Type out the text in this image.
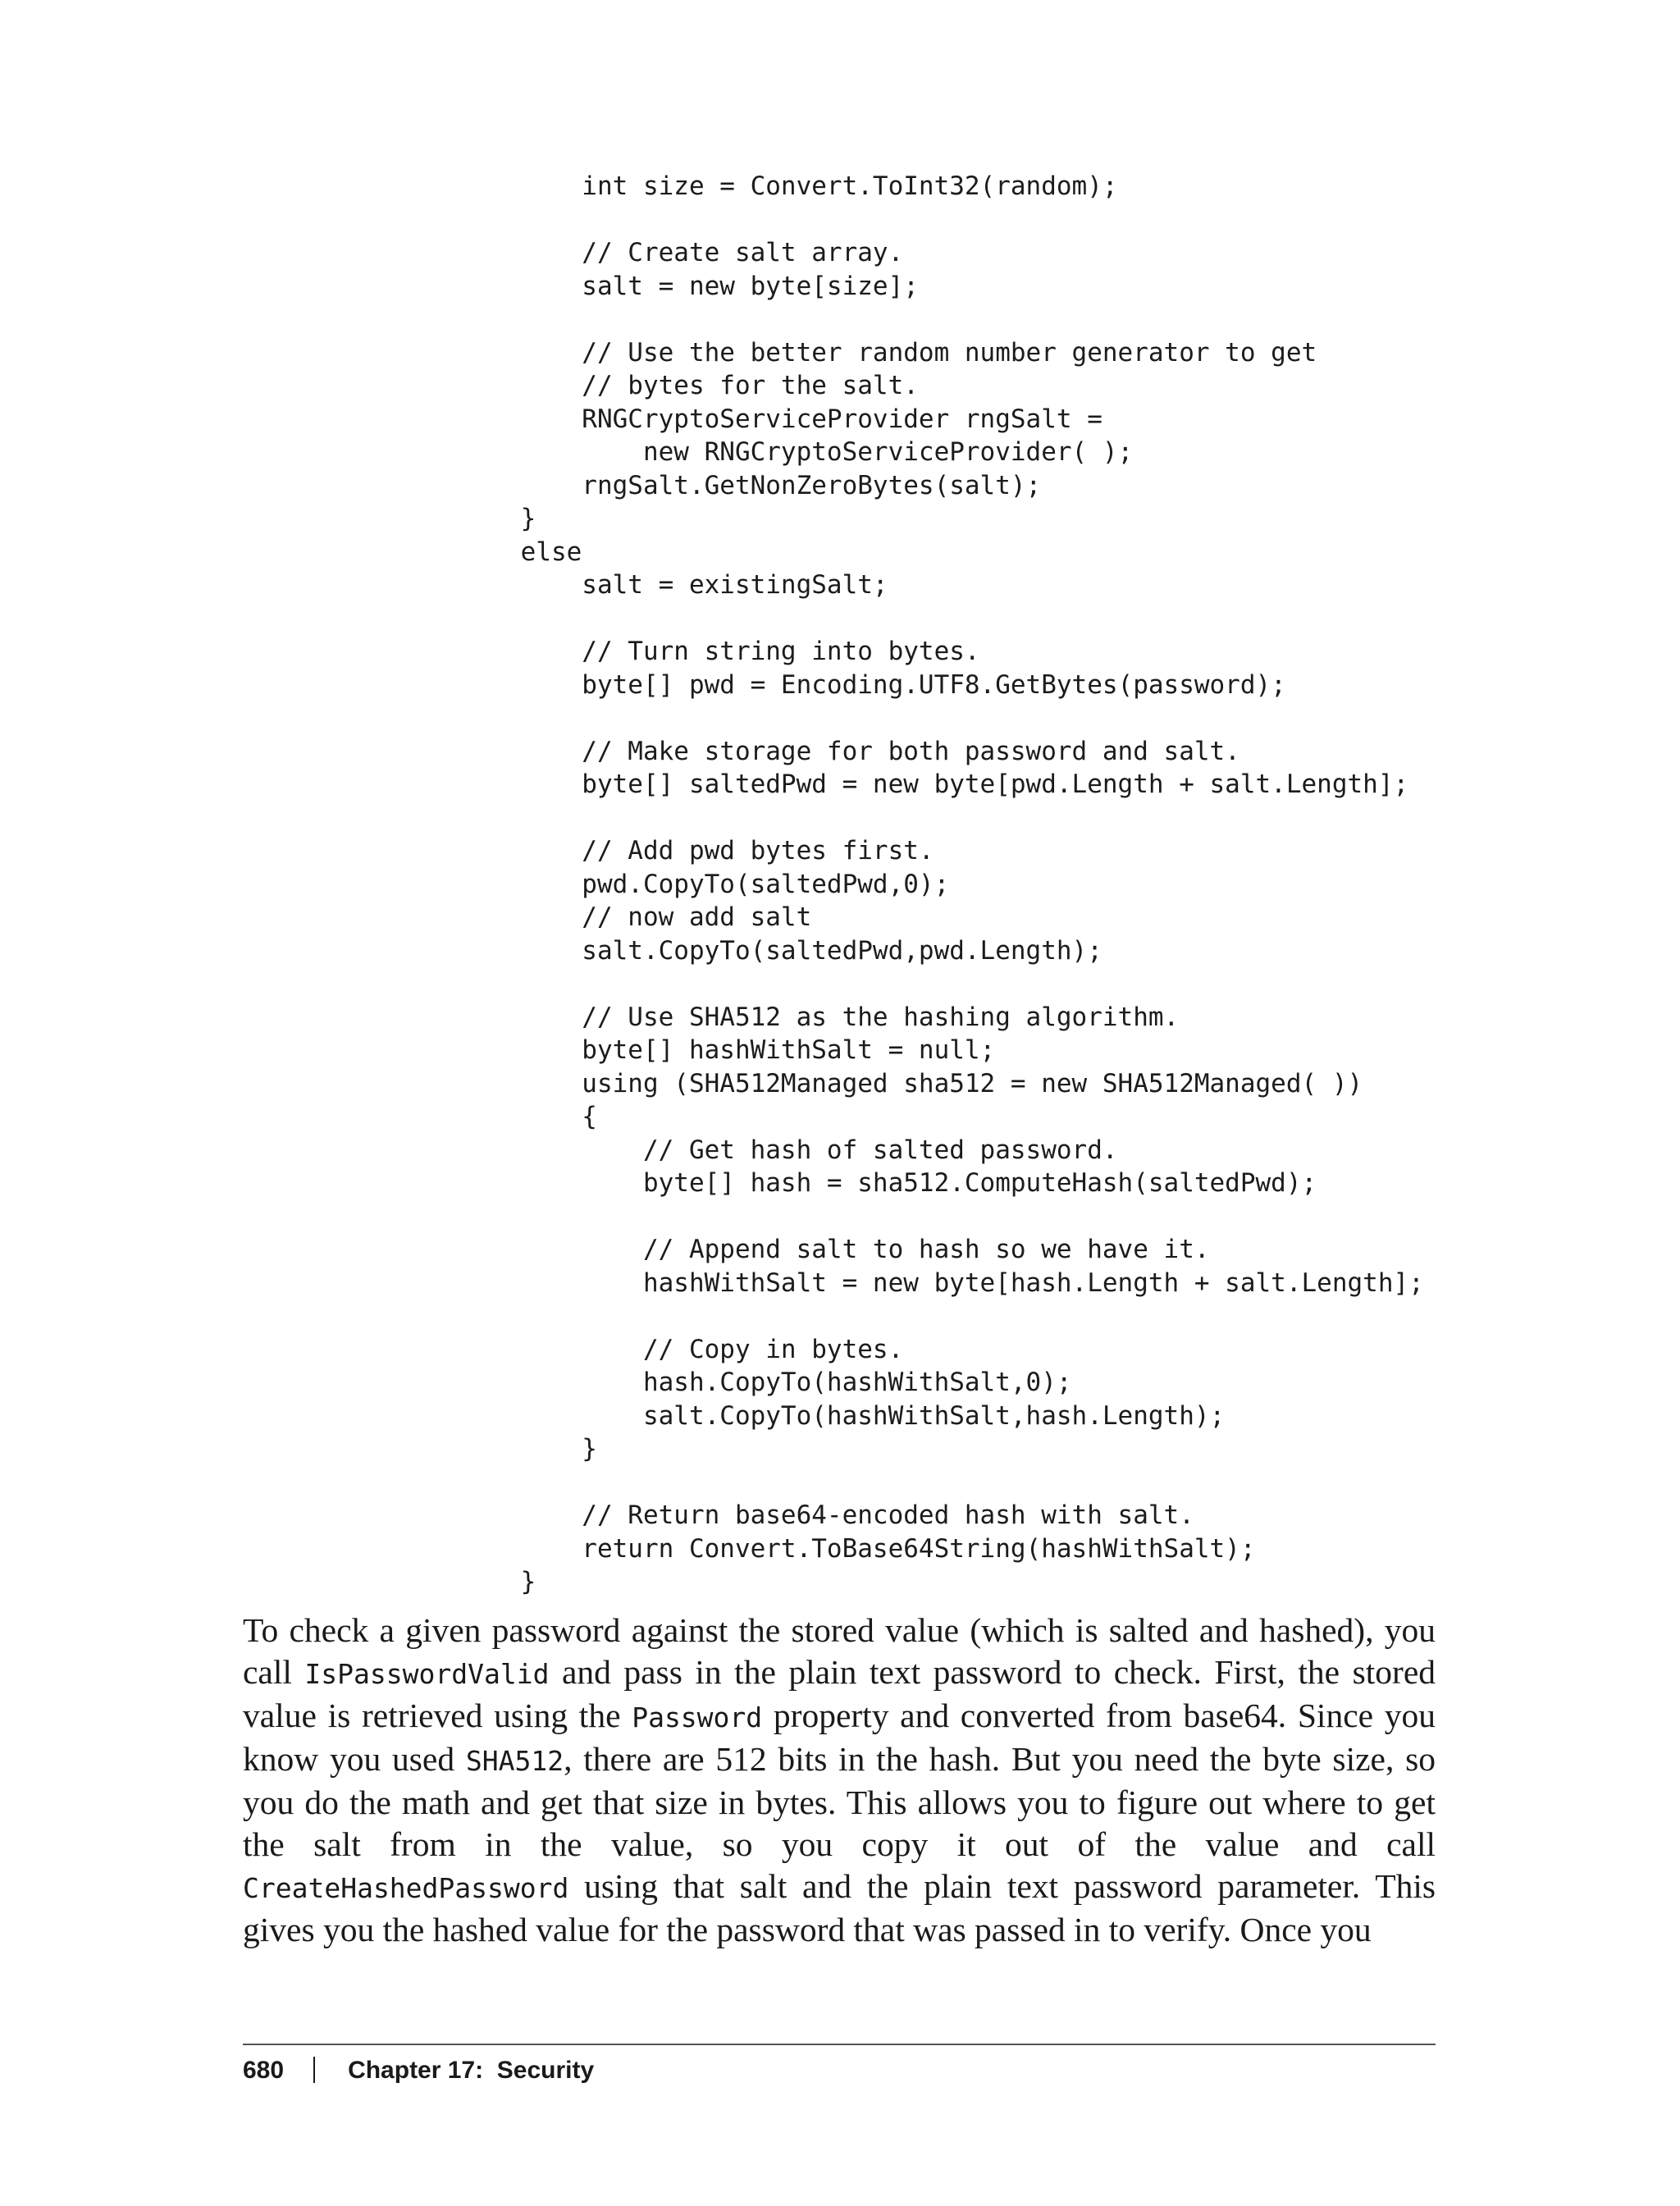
int size = Convert.ToInt32(random);
// Create salt array.
salt = new byte[size];
// Use the better random number generator to get
// bytes for the salt.
RNGCryptoServiceProvider rngSalt =
new RNGCryptoServiceProvider( );
rngSalt.GetNonZeroBytes(salt);
}
else
salt = existingSalt;
// Turn string into bytes.
byte[] pwd = Encoding.UTF8.GetBytes(password);
// Make storage for both password and salt.
byte[] saltedPwd = new byte[pwd.Length + salt.Length];
// Add pwd bytes first.
pwd.CopyTo(saltedPwd,0);
// now add salt
salt.CopyTo(saltedPwd,pwd.Length);
// Use SHA512 as the hashing algorithm.
byte[] hashWithSalt = null;
using (SHA512Managed sha512 = new SHA512Managed( ))
{
// Get hash of salted password.
byte[] hash = sha512.ComputeHash(saltedPwd);
// Append salt to hash so we have it.
hashWithSalt = new byte[hash.Length + salt.Length];
// Copy in bytes.
hash.CopyTo(hashWithSalt,0);
salt.CopyTo(hashWithSalt,hash.Length);
}
// Return base64-encoded hash with salt.
return Convert.ToBase64String(hashWithSalt);
}

To check a given password against the stored value (which is salted and hashed), you call IsPasswordValid and pass in the plain text password to check. First, the stored value is retrieved using the Password property and converted from base64. Since you know you used SHA512, there are 512 bits in the hash. But you need the byte size, so you do the math and get that size in bytes. This allows you to figure out where to get the salt from in the value, so you copy it out of the value and call CreateHashedPassword using that salt and the plain text password parameter. This gives you the hashed value for the password that was passed in to verify. Once you

680	Chapter 17:  Security
